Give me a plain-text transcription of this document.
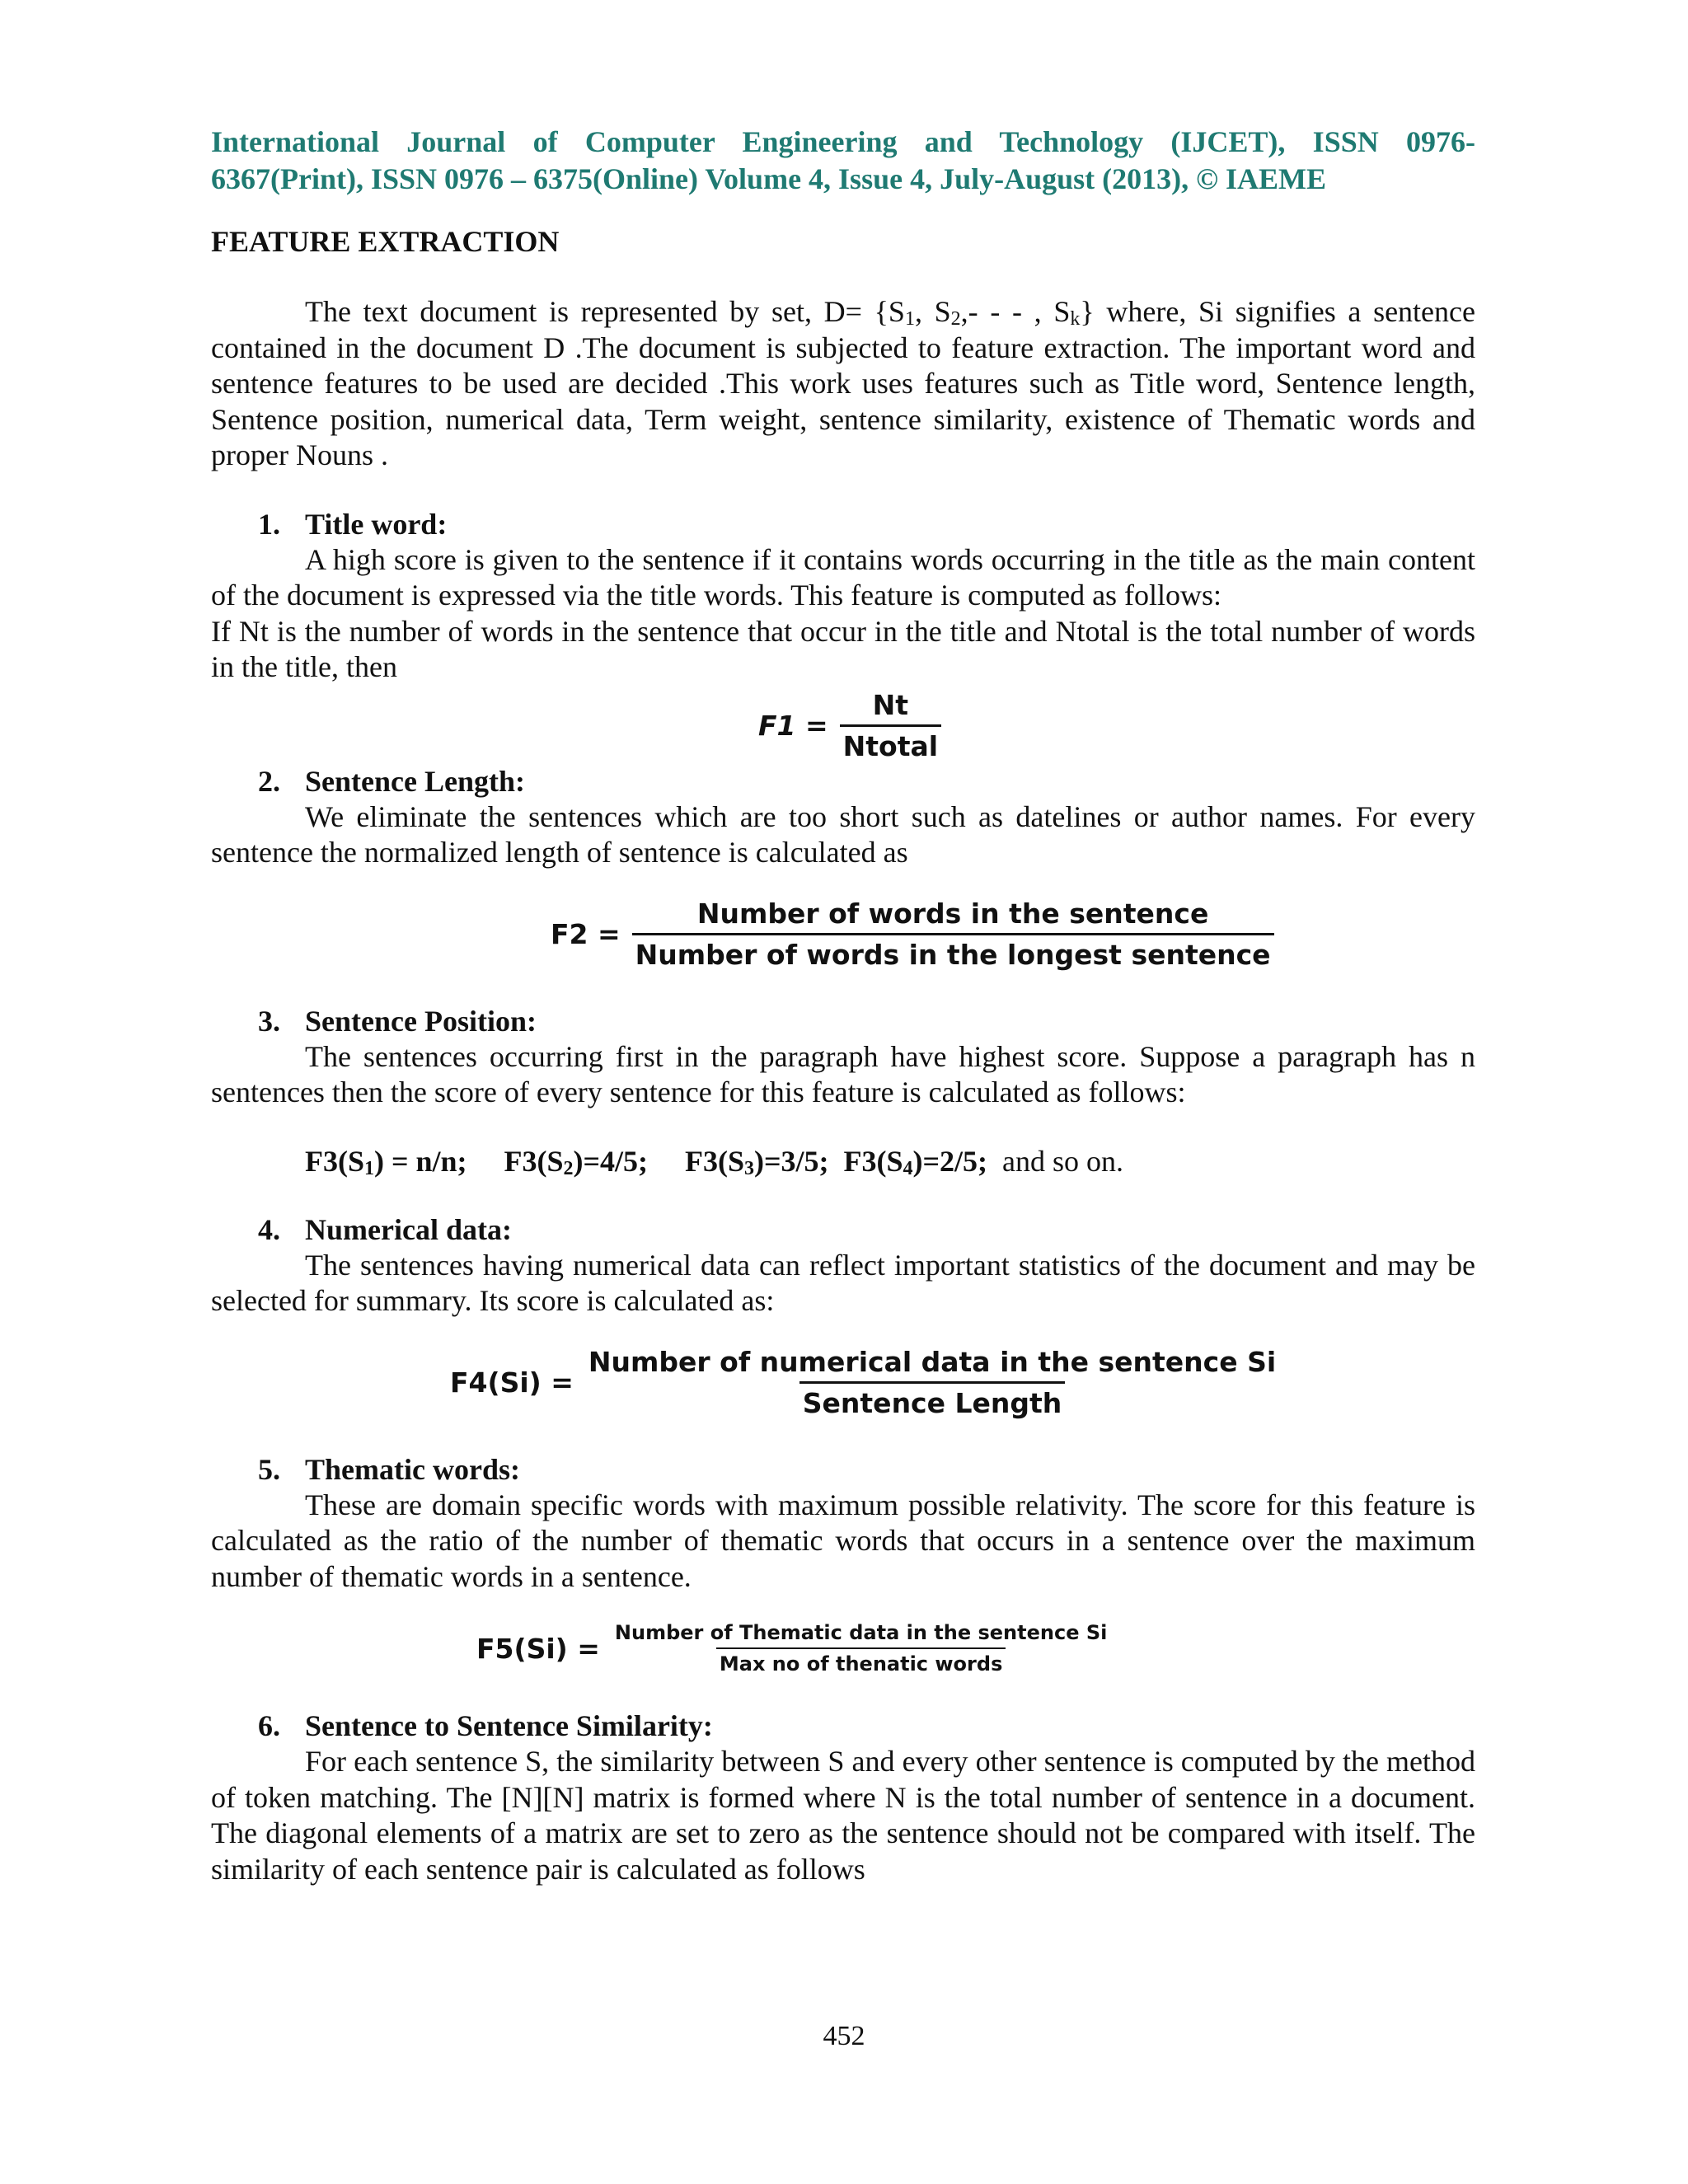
International Journal of Computer Engineering and Technology (IJCET), ISSN 0976-
6367(Print), ISSN 0976 – 6375(Online) Volume 4, Issue 4, July-August (2013), © IAEME
FEATURE EXTRACTION

The text document is represented by set, $D= \{S_1$, $S_2,-$ - - , $S_k$} where, Si signifies a sentence contained in the document D .The document is subjected to feature extraction. The important word and sentence features to be used are decided .This work uses features such as Title word, Sentence length, Sentence position, numerical data, Term weight, sentence similarity, existence of Thematic words and proper Nouns .

1. Title word:

A high score is given to the sentence if it contains words occurring in the title as the main content of the document is expressed via the title words. This feature is computed as follows:

If Nt is the number of words in the sentence that occur in the title and Ntotal is the total number of words in the title, then

$F1 = \frac{Nt}{\text{Ntotal}}$
2. Sentence Length:

We eliminate the sentences which are too short such as datelines or author names. For every sentence the normalized length of sentence is calculated as

$F2 = \frac{\text{Number of words in the sentence}}{\text{Number of words in the longest sentence}}$
3. Sentence Position:

The sentences occurring first in the paragraph have highest score. Suppose a paragraph has n sentences then the score of every sentence for this feature is calculated as follows:

$F3(S_1) = n/n$; $F3(S_2)=4/5$; $F3(S_3)=3/5$; $F3(S_4)=2/5$; and so on.
4. Numerical data:

The sentences having numerical data can reflect important statistics of the document and may be selected for summary. Its score is calculated as:

$F4(Si) = \frac{\text{Number of numerical data in the sentence Si}}{\text{Sentence Length}}$
5. Thematic words:

These are domain specific words with maximum possible relativity. The score for this feature is calculated as the ratio of the number of thematic words that occurs in a sentence over the maximum number of thematic words in a sentence.

$F5(Si) = \frac{\text{Number of Thematic data in the sentence Si}}{\text{Max no of thenatic words}}$
6. Sentence to Sentence Similarity:

For each sentence S, the similarity between S and every other sentence is computed by the method of token matching. The [N][N] matrix is formed where N is the total number of sentence in a document. The diagonal elements of a matrix are set to zero as the sentence should not be compared with itself. The similarity of each sentence pair is calculated as follows

452
